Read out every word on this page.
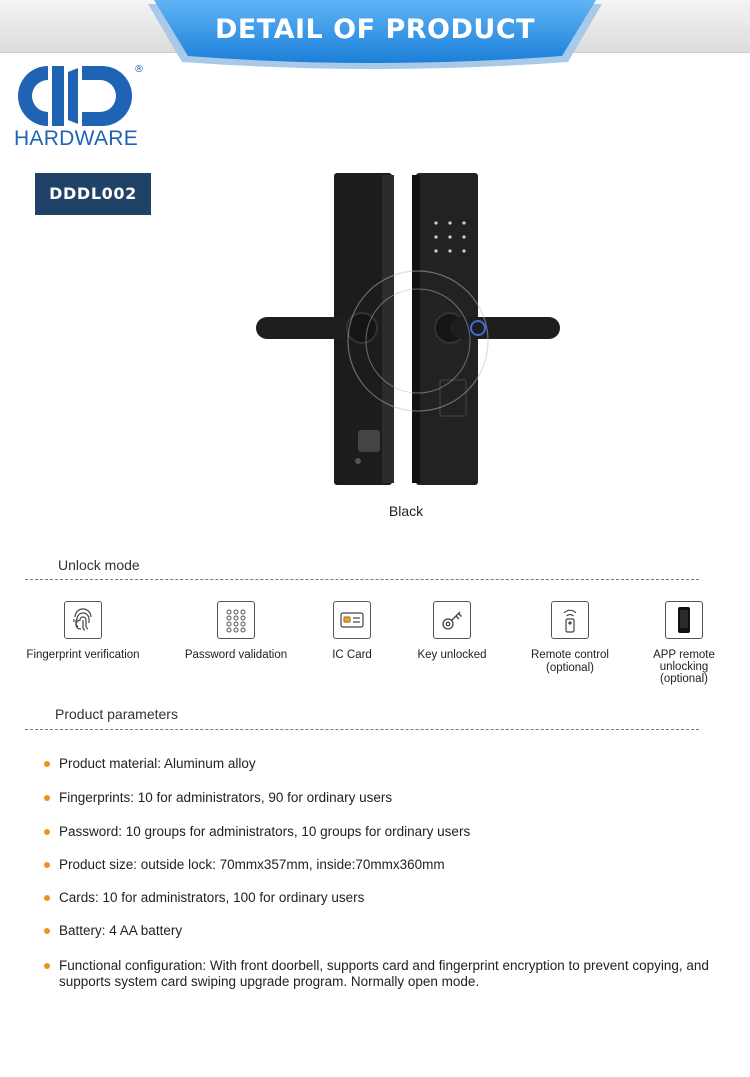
DETAIL OF PRODUCT
®
HARDWARE
DDDL002
Black
Unlock mode
Fingerprint verification	Password validation	IC Card	Key unlocked	Remote control
(optional)
APP remote
unlocking
(optional)
Product parameters
Product material: Aluminum alloy
Fingerprints: 10 for administrators, 90 for ordinary users
Password: 10 groups for administrators, 10 groups for ordinary users
Product size: outside lock: 70mmx357mm, inside:70mmx360mm
Cards: 10 for administrators, 100 for ordinary users
Battery: 4 AA battery
Functional configuration: With front doorbell, supports card and fingerprint encryption to prevent copying, and supports system card swiping upgrade program. Normally open mode.
